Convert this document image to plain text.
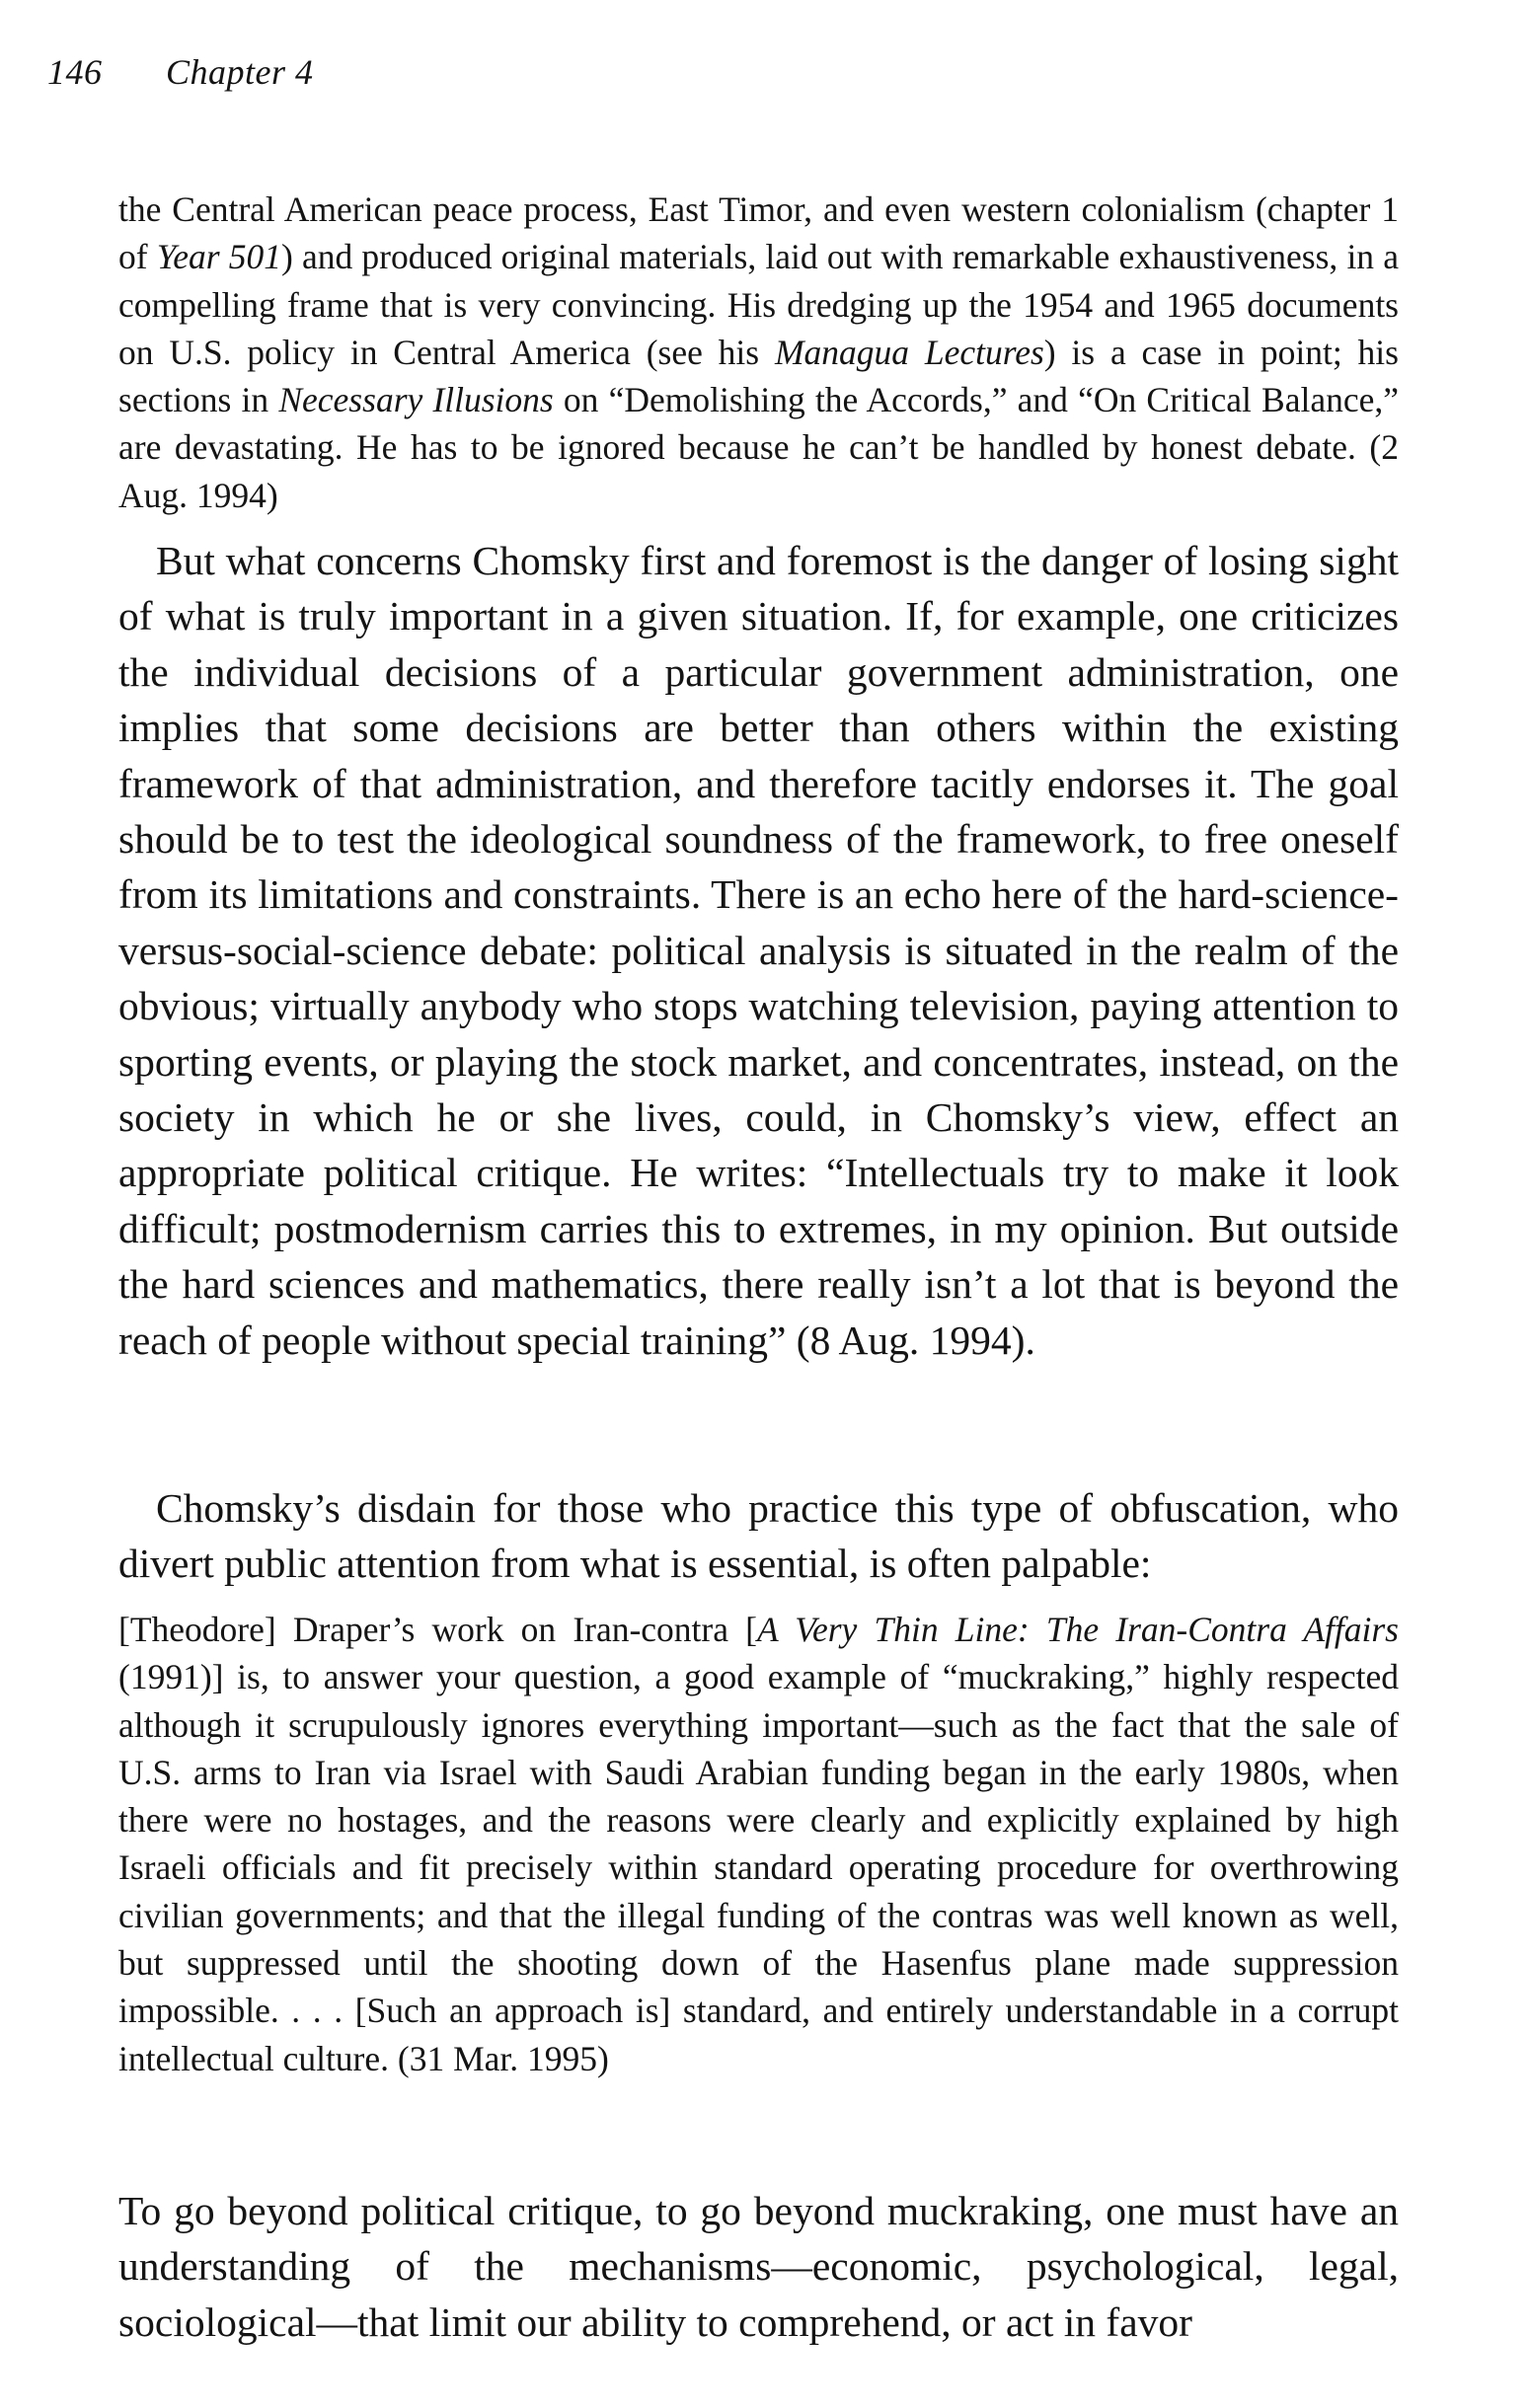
146 Chapter 4

the Central American peace process, East Timor, and even western colonialism (chapter 1 of Year 501) and produced original materials, laid out with remarkable exhaustiveness, in a compelling frame that is very convincing. His dredging up the 1954 and 1965 documents on U.S. policy in Central America (see his Managua Lectures) is a case in point; his sections in Necessary Illusions on “Demolishing the Accords,” and “On Critical Balance,” are devastating. He has to be ignored because he can’t be handled by honest debate. (2 Aug. 1994)

But what concerns Chomsky first and foremost is the danger of losing sight of what is truly important in a given situation. If, for example, one criticizes the individual decisions of a particular government administration, one implies that some decisions are better than others within the existing framework of that administration, and therefore tacitly endorses it. The goal should be to test the ideological soundness of the framework, to free oneself from its limitations and constraints. There is an echo here of the hard-science-versus-social-science debate: political analysis is situated in the realm of the obvious; virtually anybody who stops watching television, paying attention to sporting events, or playing the stock market, and concentrates, instead, on the society in which he or she lives, could, in Chomsky’s view, effect an appropriate political critique. He writes: “Intellectuals try to make it look difficult; postmodernism carries this to extremes, in my opinion. But outside the hard sciences and mathematics, there really isn’t a lot that is beyond the reach of people without special training” (8 Aug. 1994).

Chomsky’s disdain for those who practice this type of obfuscation, who divert public attention from what is essential, is often palpable:

[Theodore] Draper’s work on Iran-contra [A Very Thin Line: The Iran-Contra Affairs (1991)] is, to answer your question, a good example of “muckraking,” highly respected although it scrupulously ignores everything important—such as the fact that the sale of U.S. arms to Iran via Israel with Saudi Arabian funding began in the early 1980s, when there were no hostages, and the reasons were clearly and explicitly explained by high Israeli officials and fit precisely within standard operating procedure for overthrowing civilian governments; and that the illegal funding of the contras was well known as well, but suppressed until the shooting down of the Hasenfus plane made suppression impossible. . . . [Such an approach is] standard, and entirely understandable in a corrupt intellectual culture. (31 Mar. 1995)

To go beyond political critique, to go beyond muckraking, one must have an understanding of the mechanisms—economic, psychological, legal, sociological—that limit our ability to comprehend, or act in favor
